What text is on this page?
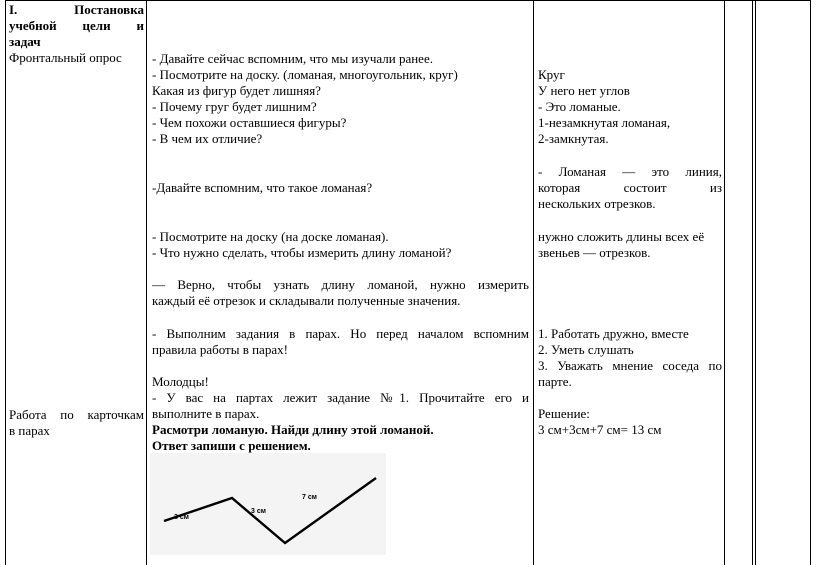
I. Постановка
учебной цели и
задач
Фронтальный опрос
Работа по карточкам
в парах
- Давайте сейчас вспомним, что мы изучали ранее.
- Посмотрите на доску. (ломаная, многоугольник, круг)
Какая из фигур будет лишняя?
- Почему груг будет лишним?
- Чем похожи оставшиеся фигуры?
- В чем их отличие?
-Давайте вспомним, что такое ломаная?
- Посмотрите на доску (на доске ломаная).
- Что нужно сделать, чтобы измерить длину ломаной?
— Верно, чтобы узнать длину ломаной, нужно измерить
каждый её отрезок и складывали полученные значения.
- Выполним задания в парах. Но перед началом вспомним
правила работы в парах!
Молодцы!
- У вас на партах лежит задание №1. Прочитайте его и
выполните в парах.
Расмотри ломаную. Найди длину этой ломаной.
Ответ запиши с решением.
3 см
3 см
7 см
Круг
У него нет углов
- Это ломаные.
1-незамкнутая ломаная,
2-замкнутая.
- Ломаная — это линия,
которая состоит из
нескольких отрезков.
нужно сложить длины всех её
звеньев — отрезков.
1. Работать дружно, вместе
2. Уметь слушать
3. Уважать мнение соседа по
парте.
Решение:
3 см+3см+7 см= 13 см
